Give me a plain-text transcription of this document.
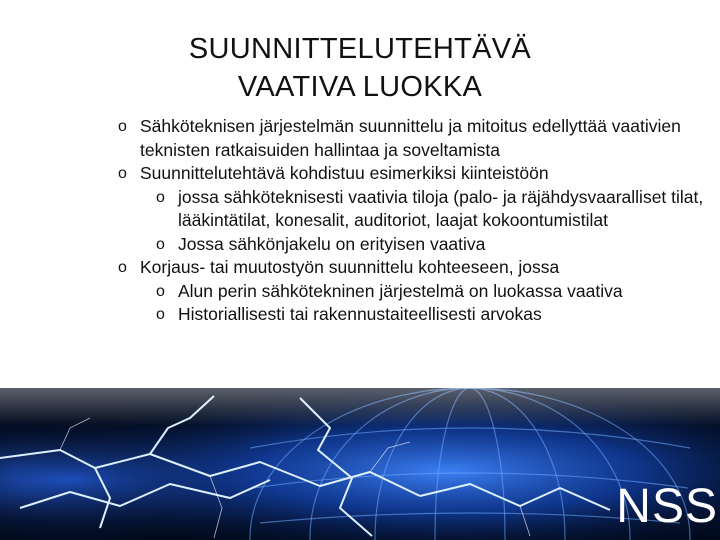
SUUNNITTELUTEHTÄVÄ
VAATIVA LUOKKA
o Sähköteknisen järjestelmän suunnittelu ja mitoitus edellyttää vaativien teknisten ratkaisuiden hallintaa ja soveltamista
o Suunnittelutehtävä kohdistuu esimerkiksi kiinteistöön
o jossa sähköteknisesti vaativia tiloja (palo- ja räjähdysvaaralliset tilat, lääkintätilat, konesalit, auditoriot, laajat kokoontumistilat
o Jossa sähkönjakelu on erityisen vaativa
o Korjaus- tai muutostyön suunnittelu kohteeseen, jossa
o Alun perin sähkötekninen järjestelmä on luokassa vaativa
o Historiallisesti tai rakennustaiteellisesti arvokas
NSS
